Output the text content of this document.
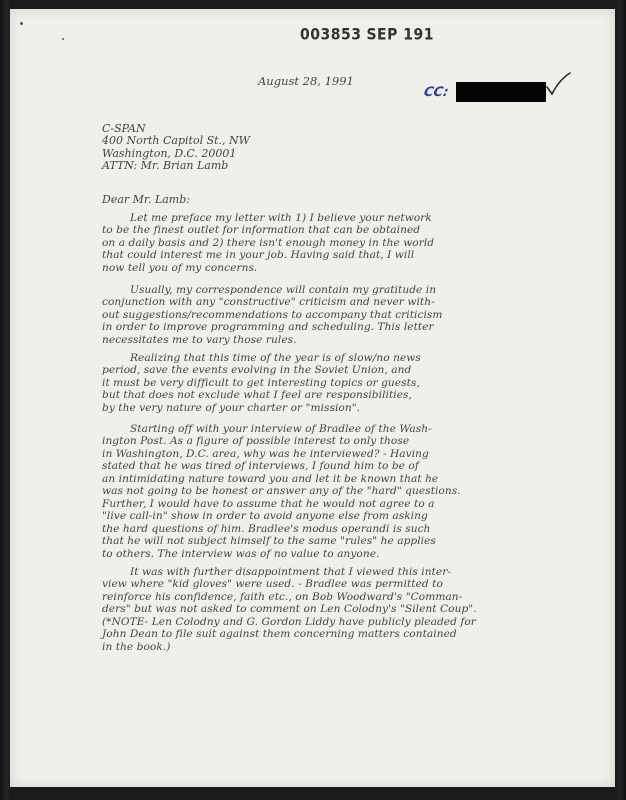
003853 SEP 191
August 28, 1991
CC:
C-SPAN
400 North Capitol St., NW
Washington, D.C. 20001
ATTN: Mr. Brian Lamb
Dear Mr. Lamb:
Let me preface my letter with 1) I believe your network
to be the finest outlet for information that can be obtained
on a daily basis and 2) there isn't enough money in the world
that could interest me in your job. Having said that, I will
now tell you of my concerns.
Usually, my correspondence will contain my gratitude in
conjunction with any "constructive" criticism and never with-
out suggestions/recommendations to accompany that criticism
in order to improve programming and scheduling. This letter
necessitates me to vary those rules.
Realizing that this time of the year is of slow/no news
period, save the events evolving in the Soviet Union, and
it must be very difficult to get interesting topics or guests,
but that does not exclude what I feel are responsibilities,
by the very nature of your charter or "mission".
Starting off with your interview of Bradlee of the Wash-
ington Post. As a figure of possible interest to only those
in Washington, D.C. area, why was he interviewed? - Having
stated that he was tired of interviews, I found him to be of
an intimidating nature toward you and let it be known that he
was not going to be honest or answer any of the "hard" questions.
Further, I would have to assume that he would not agree to a
"live call-in" show in order to avoid anyone else from asking
the hard questions of him. Bradlee's modus operandi is such
that he will not subject himself to the same "rules" he applies
to others. The interview was of no value to anyone.
It was with further disappointment that I viewed this inter-
view where "kid gloves" were used. - Bradlee was permitted to
reinforce his confidence, faith etc., on Bob Woodward's "Comman-
ders" but was not asked to comment on Len Colodny's "Silent Coup".
(*NOTE- Len Colodny and G. Gordon Liddy have publicly pleaded for
John Dean to file suit against them concerning matters contained
in the book.)
